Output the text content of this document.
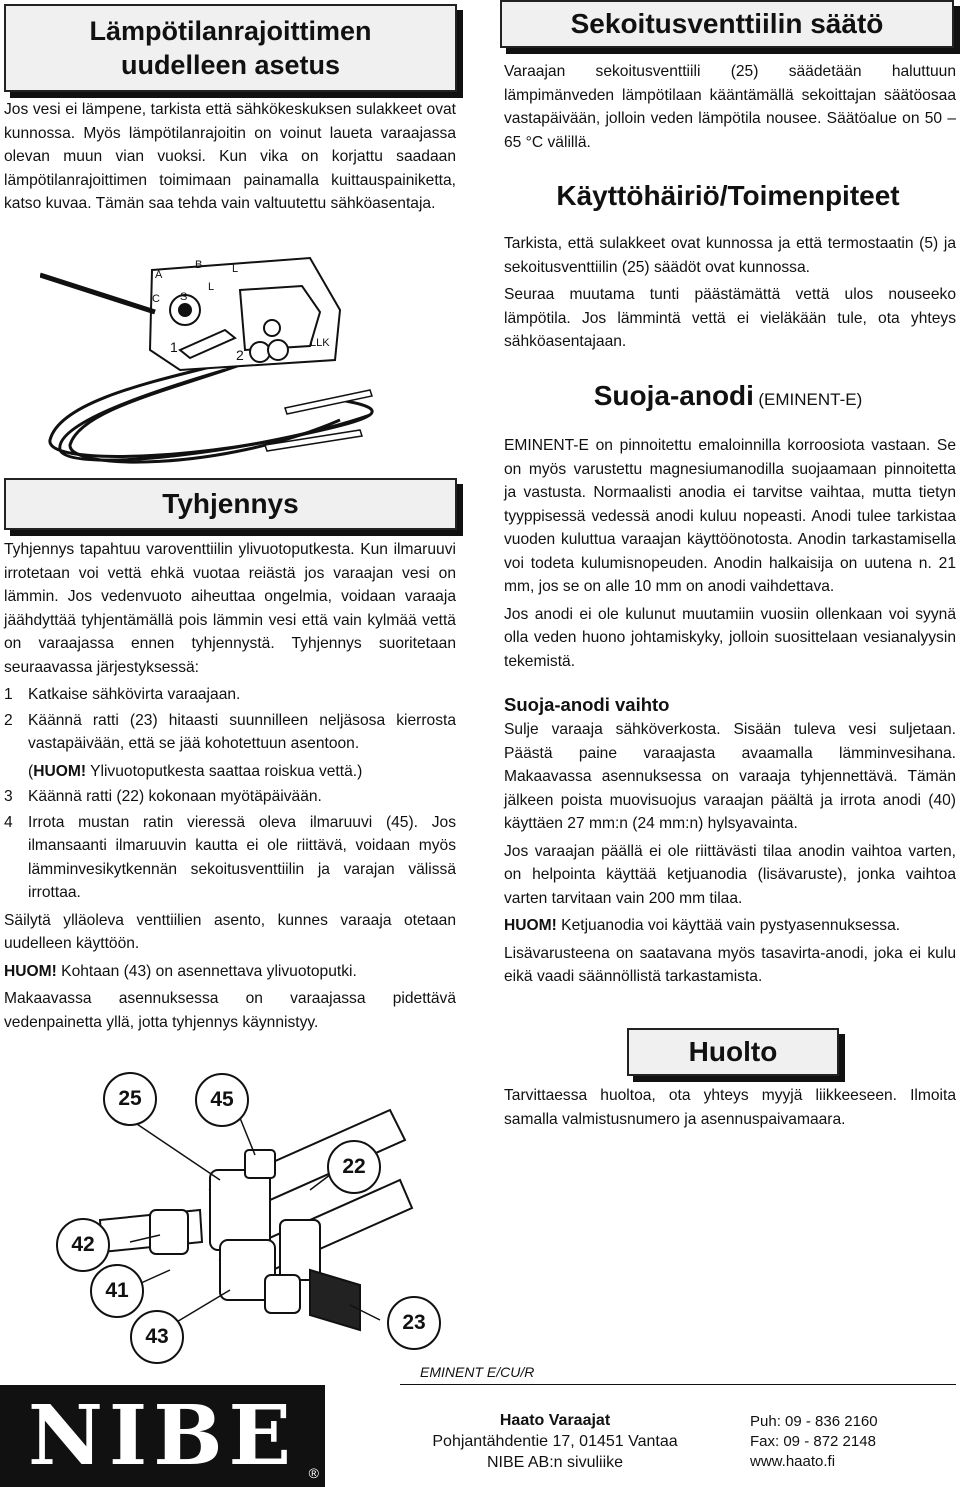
Lämpötilanrajoittimen
uudelleen asetus

Jos vesi ei lämpene, tarkista että sähkökeskuksen sulakkeet ovat kunnossa. Myös lämpötilanrajoitin on voinut laueta varaajassa olevan muun vian vuoksi. Kun vika on korjattu saadaan lämpötilanrajoittimen toimimaan painamalla kuittauspainiketta, katso kuvaa. Tämän saa tehda vain valtuutettu sähköasentaja.

A
B
C
L
L
S
1	2
LLK
Tyhjennys

Tyhjennys tapahtuu varoventtiilin ylivuotoputkesta. Kun ilmaruuvi irrotetaan voi vettä ehkä vuotaa reiästä jos varaajan vesi on lämmin. Jos vedenvuoto aiheuttaa ongelmia, voidaan varaaja jäähdyttää tyhjentämällä pois lämmin vesi että vain kylmää vettä on varaajassa ennen tyhjennystä. Tyhjennys suoritetaan seuraavassa järjestyksessä:

1 Katkaise sähkövirta varaajaan.
2 Käännä ratti (23) hitaasti suunnilleen neljäsosa kierrosta vastapäivään, että se jää kohotettuun asentoon.

(HUOM! Ylivuotoputkesta saattaa roiskua vettä.)
3 Käännä ratti (22) kokonaan myötäpäivään.
4 Irrota mustan ratin vieressä oleva ilmaruuvi (45). Jos ilmansaanti ilmaruuvin kautta ei ole riittävä, voidaan myös lämminvesikytkennän sekoitusventtiilin ja varajan välissä irrottaa.

Säilytä ylläoleva venttiilien asento, kunnes varaaja otetaan uudelleen käyttöön.

HUOM! Kohtaan (43) on asennettava ylivuotoputki.

Makaavassa asennuksessa on varaajassa pidettävä vedenpainetta yllä, jotta tyhjennys käynnistyy.

25	45
22
42
41
43
23
Sekoitusventtiilin säätö

Varaajan sekoitusventtiili (25) säädetään haluttuun lämpimänveden lämpötilaan kääntämällä sekoittajan säätöosaa vastapäivään, jolloin veden lämpötila nousee. Säätöalue on 50 – 65 °C välillä.

Käyttöhäiriö/Toimenpiteet

Tarkista, että sulakkeet ovat kunnossa ja että termostaatin (5) ja sekoitusventtiilin (25) säädöt ovat kunnossa.

Seuraa muutama tunti päästämättä vettä ulos nouseeko lämpötila. Jos lämmintä vettä ei vieläkään tule, ota yhteys sähköasentajaan.

Suoja-anodi (EMINENT-E)

EMINENT-E on pinnoitettu emaloinnilla korroosiota vastaan. Se on myös varustettu magnesiumanodilla suojaamaan pinnoitetta ja vastusta. Normaalisti anodia ei tarvitse vaihtaa, mutta tietyn tyyppisessä vedessä anodi kuluu nopeasti. Anodi tulee tarkistaa vuoden kuluttua varaajan käyttöönotosta. Anodin tarkastamisella voi todeta kulumisnopeuden. Anodin halkaisija on uutena n. 21 mm, jos se on alle 10 mm on anodi vaihdettava.

Jos anodi ei ole kulunut muutamiin vuosiin ollenkaan voi syynä olla veden huono johtamiskyky, jolloin suosittelaan vesianalyysin tekemistä.

Suoja-anodi vaihto

Sulje varaaja sähköverkosta. Sisään tuleva vesi suljetaan. Päästä paine varaajasta avaamalla lämminvesihana. Makaavassa asennuksessa on varaaja tyhjennettävä. Tämän jälkeen poista muovisuojus varaajan päältä ja irrota anodi (40) käyttäen 27 mm:n (24 mm:n) hylsyavainta.

Jos varaajan päällä ei ole riittävästi tilaa anodin vaihtoa varten, on helpointa käyttää ketjuanodia (lisävaruste), jonka vaihtoa varten tarvitaan vain 200 mm tilaa.

HUOM! Ketjuanodia voi käyttää vain pystyasennuksessa.

Lisävarusteena on saatavana myös tasavirta-anodi, joka ei kulu eikä vaadi säännöllistä tarkastamista.

Huolto

Tarvittaessa huoltoa, ota yhteys myyjä liikkeeseen. Ilmoita samalla valmistusnumero ja asennuspaivamaara.

EMINENT E/CU/R
NIBE ®
Haato Varaajat
Pohjantähdentie 17, 01451 Vantaa
NIBE AB:n sivuliike
Puh: 09 - 836 2160
Fax: 09 - 872 2148
www.haato.fi
